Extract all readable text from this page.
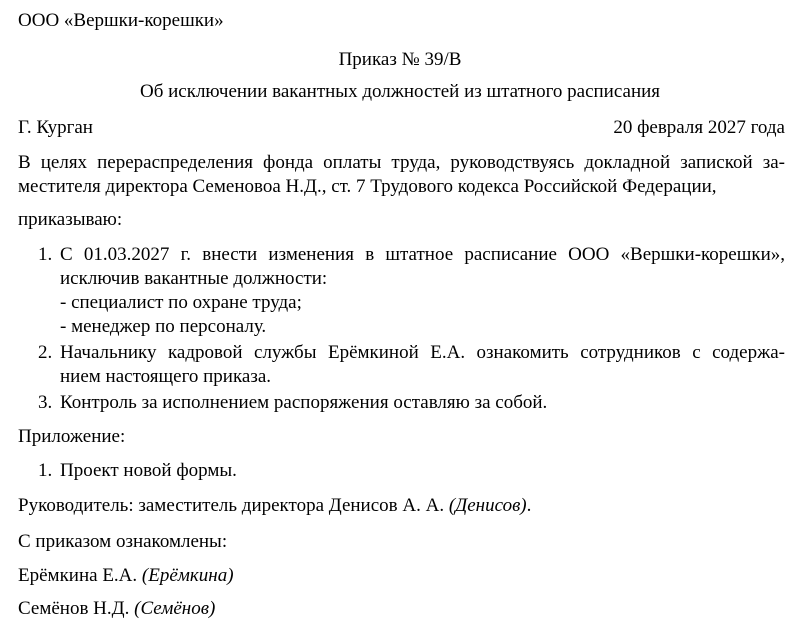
ООО «Вершки-корешки»
Приказ № 39/В
Об исключении вакантных должностей из штатного расписания
Г. Курган	20 февраля 2027 года
В целях перераспределения фонда оплаты труда, руководствуясь докладной запиской за-
местителя директора Семеновоа Н.Д., ст. 7 Трудового кодекса Российской Федерации,
приказываю:
1. С 01.03.2027 г. внести изменения в штатное расписание ООО «Вершки-корешки»,
исключив вакантные должности:
- специалист по охране труда;
- менеджер по персоналу.
2. Начальнику кадровой службы Ерёмкиной Е.А. ознакомить сотрудников с содержа-
нием настоящего приказа.
3. Контроль за исполнением распоряжения оставляю за собой.
Приложение:
1. Проект новой формы.
Руководитель: заместитель директора Денисов А. А. (Денисов).
С приказом ознакомлены:
Ерёмкина Е.А. (Ерёмкина)
Семёнов Н.Д. (Семёнов)
